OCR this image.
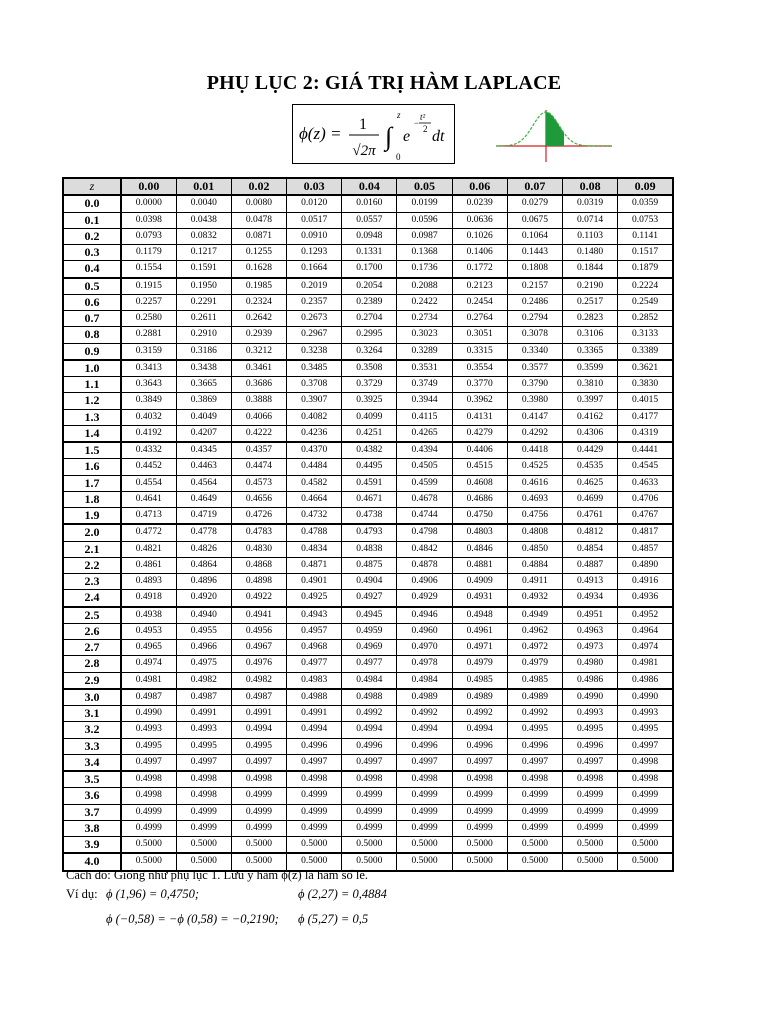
PHỤ LỤC 2: GIÁ TRỊ HÀM LAPLACE
ϕ(z) = 1
√2π ∫
z
0
e
−
t²
2 dt
z	0.00	0.01	0.02	0.03	0.04	0.05	0.06	0.07	0.08	0.09
0.0	0.0000	0.0040	0.0080	0.0120	0.0160	0.0199	0.0239	0.0279	0.0319	0.0359
0.1	0.0398	0.0438	0.0478	0.0517	0.0557	0.0596	0.0636	0.0675	0.0714	0.0753
0.2	0.0793	0.0832	0.0871	0.0910	0.0948	0.0987	0.1026	0.1064	0.1103	0.1141
0.3	0.1179	0.1217	0.1255	0.1293	0.1331	0.1368	0.1406	0.1443	0.1480	0.1517
0.4	0.1554	0.1591	0.1628	0.1664	0.1700	0.1736	0.1772	0.1808	0.1844	0.1879
0.5	0.1915	0.1950	0.1985	0.2019	0.2054	0.2088	0.2123	0.2157	0.2190	0.2224
0.6	0.2257	0.2291	0.2324	0.2357	0.2389	0.2422	0.2454	0.2486	0.2517	0.2549
0.7	0.2580	0.2611	0.2642	0.2673	0.2704	0.2734	0.2764	0.2794	0.2823	0.2852
0.8	0.2881	0.2910	0.2939	0.2967	0.2995	0.3023	0.3051	0.3078	0.3106	0.3133
0.9	0.3159	0.3186	0.3212	0.3238	0.3264	0.3289	0.3315	0.3340	0.3365	0.3389
1.0	0.3413	0.3438	0.3461	0.3485	0.3508	0.3531	0.3554	0.3577	0.3599	0.3621
1.1	0.3643	0.3665	0.3686	0.3708	0.3729	0.3749	0.3770	0.3790	0.3810	0.3830
1.2	0.3849	0.3869	0.3888	0.3907	0.3925	0.3944	0.3962	0.3980	0.3997	0.4015
1.3	0.4032	0.4049	0.4066	0.4082	0.4099	0.4115	0.4131	0.4147	0.4162	0.4177
1.4	0.4192	0.4207	0.4222	0.4236	0.4251	0.4265	0.4279	0.4292	0.4306	0.4319
1.5	0.4332	0.4345	0.4357	0.4370	0.4382	0.4394	0.4406	0.4418	0.4429	0.4441
1.6	0.4452	0.4463	0.4474	0.4484	0.4495	0.4505	0.4515	0.4525	0.4535	0.4545
1.7	0.4554	0.4564	0.4573	0.4582	0.4591	0.4599	0.4608	0.4616	0.4625	0.4633
1.8	0.4641	0.4649	0.4656	0.4664	0.4671	0.4678	0.4686	0.4693	0.4699	0.4706
1.9	0.4713	0.4719	0.4726	0.4732	0.4738	0.4744	0.4750	0.4756	0.4761	0.4767
2.0	0.4772	0.4778	0.4783	0.4788	0.4793	0.4798	0.4803	0.4808	0.4812	0.4817
2.1	0.4821	0.4826	0.4830	0.4834	0.4838	0.4842	0.4846	0.4850	0.4854	0.4857
2.2	0.4861	0.4864	0.4868	0.4871	0.4875	0.4878	0.4881	0.4884	0.4887	0.4890
2.3	0.4893	0.4896	0.4898	0.4901	0.4904	0.4906	0.4909	0.4911	0.4913	0.4916
2.4	0.4918	0.4920	0.4922	0.4925	0.4927	0.4929	0.4931	0.4932	0.4934	0.4936
2.5	0.4938	0.4940	0.4941	0.4943	0.4945	0.4946	0.4948	0.4949	0.4951	0.4952
2.6	0.4953	0.4955	0.4956	0.4957	0.4959	0.4960	0.4961	0.4962	0.4963	0.4964
2.7	0.4965	0.4966	0.4967	0.4968	0.4969	0.4970	0.4971	0.4972	0.4973	0.4974
2.8	0.4974	0.4975	0.4976	0.4977	0.4977	0.4978	0.4979	0.4979	0.4980	0.4981
2.9	0.4981	0.4982	0.4982	0.4983	0.4984	0.4984	0.4985	0.4985	0.4986	0.4986
3.0	0.4987	0.4987	0.4987	0.4988	0.4988	0.4989	0.4989	0.4989	0.4990	0.4990
3.1	0.4990	0.4991	0.4991	0.4991	0.4992	0.4992	0.4992	0.4992	0.4993	0.4993
3.2	0.4993	0.4993	0.4994	0.4994	0.4994	0.4994	0.4994	0.4995	0.4995	0.4995
3.3	0.4995	0.4995	0.4995	0.4996	0.4996	0.4996	0.4996	0.4996	0.4996	0.4997
3.4	0.4997	0.4997	0.4997	0.4997	0.4997	0.4997	0.4997	0.4997	0.4997	0.4998
3.5	0.4998	0.4998	0.4998	0.4998	0.4998	0.4998	0.4998	0.4998	0.4998	0.4998
3.6	0.4998	0.4998	0.4999	0.4999	0.4999	0.4999	0.4999	0.4999	0.4999	0.4999
3.7	0.4999	0.4999	0.4999	0.4999	0.4999	0.4999	0.4999	0.4999	0.4999	0.4999
3.8	0.4999	0.4999	0.4999	0.4999	0.4999	0.4999	0.4999	0.4999	0.4999	0.4999
3.9	0.5000	0.5000	0.5000	0.5000	0.5000	0.5000	0.5000	0.5000	0.5000	0.5000
4.0	0.5000	0.5000	0.5000	0.5000	0.5000	0.5000	0.5000	0.5000	0.5000	0.5000
Cách dò: Giống như phụ lục 1. Lưu ý hàm ϕ(z) là hàm số lẻ.
Ví dụ: ϕ (1,96) = 0,4750;	ϕ (2,27) = 0,4884
ϕ (−0,58) = −ϕ (0,58) = −0,2190; ϕ (5,27) = 0,5
